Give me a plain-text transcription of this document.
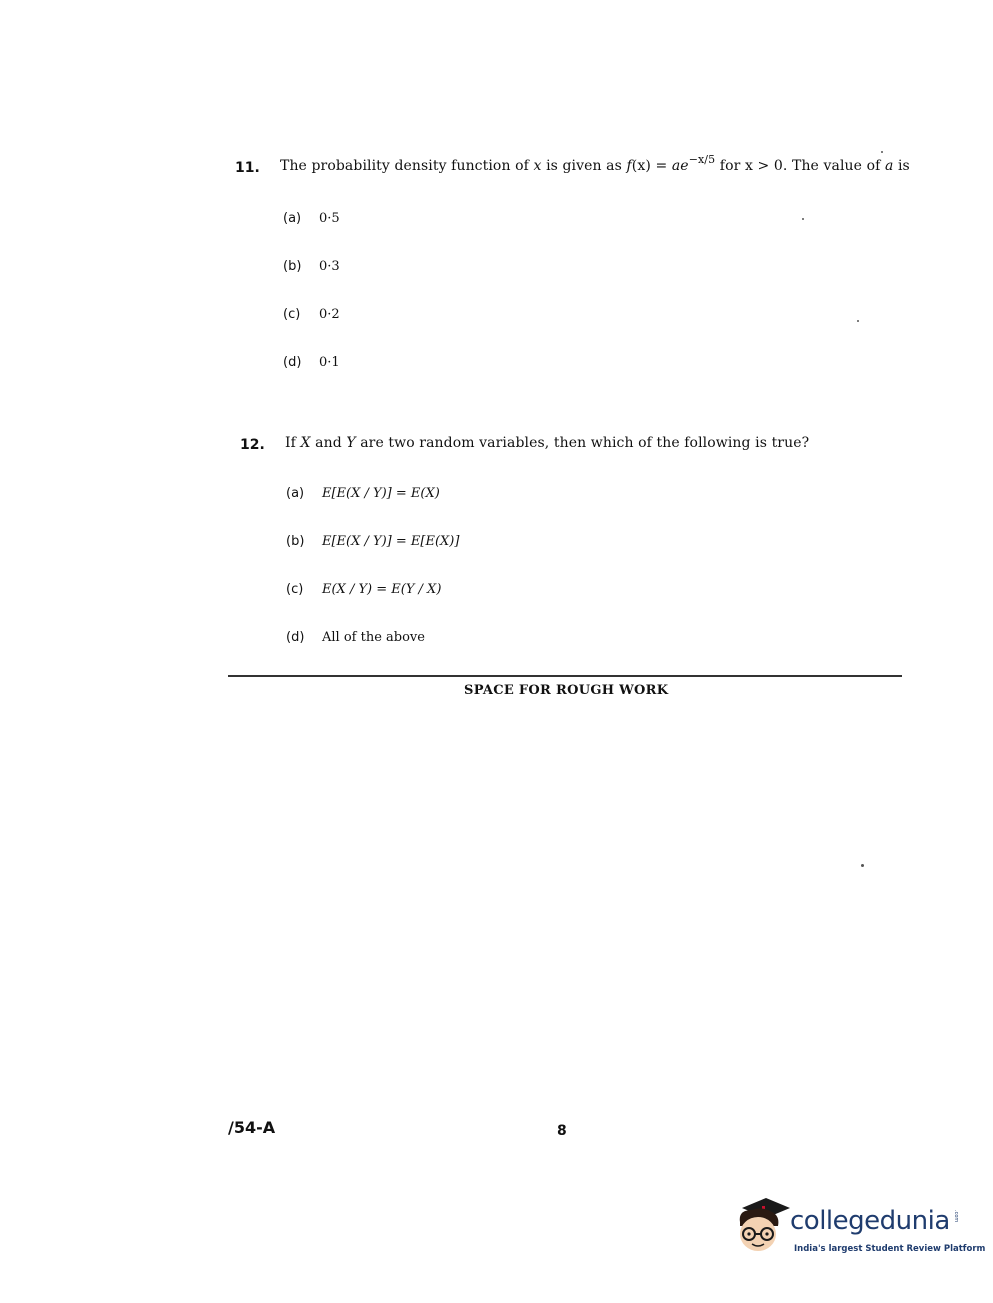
11. The probability density function of x is given as $f(x) = ae^{-x/5}$ for x > 0. The value of a is
(a) 0·5
(b) 0·3
(c) 0·2
(d) 0·1
12. If X and Y are two random variables, then which of the following is true?
(a) E[E(X / Y)] = E(X)
(b) E[E(X / Y)] = E[E(X)]
(c) E(X / Y) = E(Y / X)
(d) All of the above
SPACE FOR ROUGH WORK
/54-A	8
collegedunia .com
India's largest Student Review Platform
